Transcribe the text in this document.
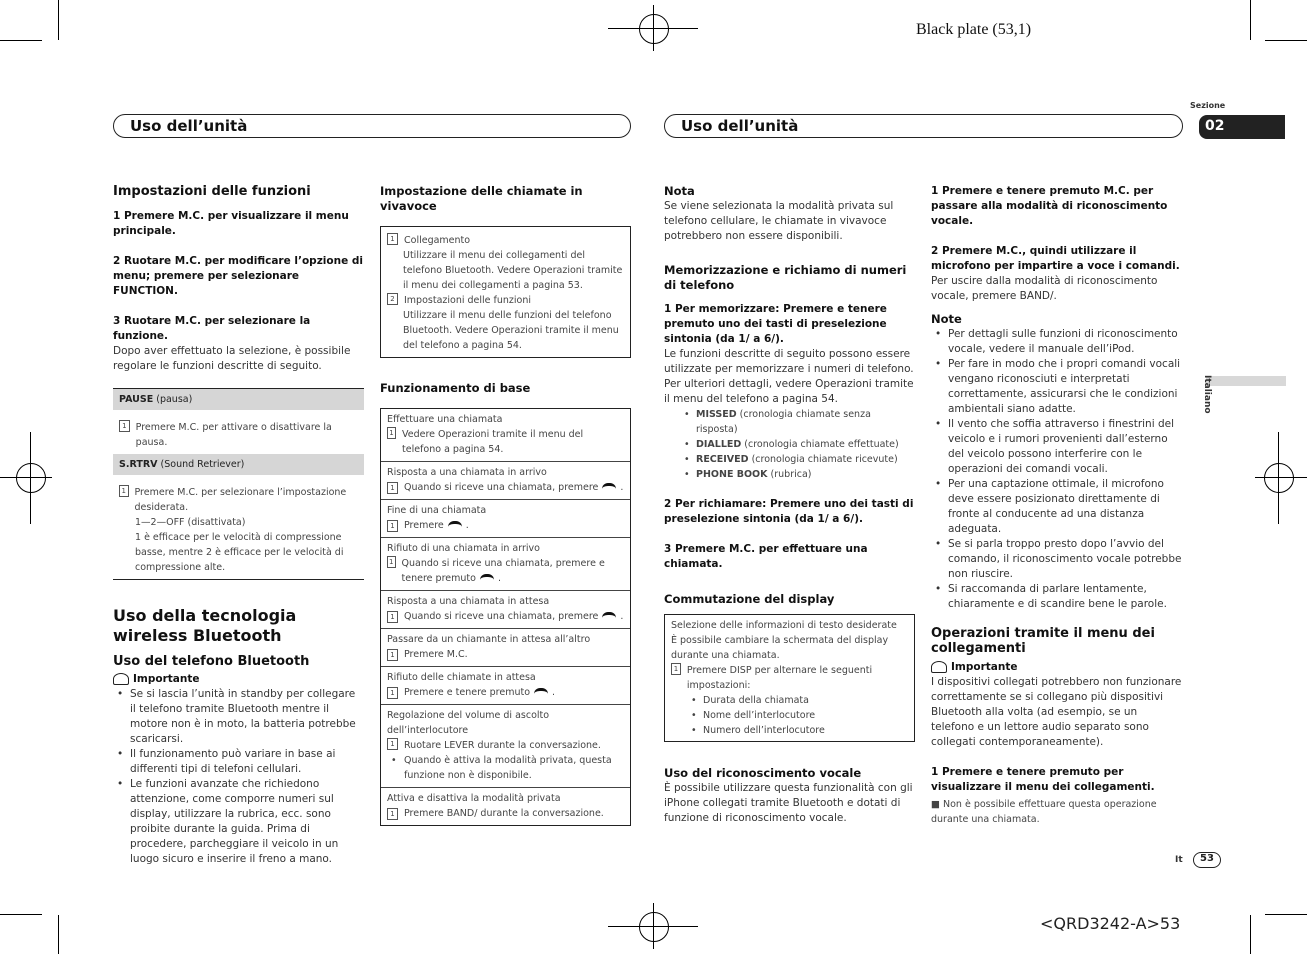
Black plate (53,1)
Sezione
02
Uso dell’unità	Uso dell’unità
Italiano

Impostazioni delle funzioni

1 Premere M.C. per visualizzare il menu principale.

2 Ruotare M.C. per modificare l’opzione di menu; premere per selezionare FUNCTION.

3 Ruotare M.C. per selezionare la funzione.

Dopo aver effettuato la selezione, è possibile regolare le funzioni descritte di seguito.

PAUSE (pausa)
1 Premere M.C. per attivare o disattivare la pausa.
S.RTRV (Sound Retriever)
1 Premere M.C. per selezionare l’impostazione desiderata.
1—2—OFF (disattivata)
1 è efficace per le velocità di compressione basse, mentre 2 è efficace per le velocità di compressione alte.

Uso della tecnologia wireless Bluetooth

Uso del telefono Bluetooth

Importante

• Se si lascia l’unità in standby per collegare il telefono tramite Bluetooth mentre il motore non è in moto, la batteria potrebbe scaricarsi.
• Il funzionamento può variare in base ai differenti tipi di telefoni cellulari.
• Le funzioni avanzate che richiedono attenzione, come comporre numeri sul display, utilizzare la rubrica, ecc. sono proibite durante la guida. Prima di procedere, parcheggiare il veicolo in un luogo sicuro e inserire il freno a mano.

Impostazione delle chiamate in vivavoce

1 Collegamento
Utilizzare il menu dei collegamenti del telefono Bluetooth. Vedere Operazioni tramite il menu dei collegamenti a pagina 53.
2 Impostazioni delle funzioni
Utilizzare il menu delle funzioni del telefono Bluetooth. Vedere Operazioni tramite il menu del telefono a pagina 54.

Funzionamento di base

Effettuare una chiamata
1 Vedere Operazioni tramite il menu del telefono a pagina 54.
Risposta a una chiamata in arrivo
1 Quando si riceve una chiamata, premere .
Fine di una chiamata
1 Premere .
Rifiuto di una chiamata in arrivo
1 Quando si riceve una chiamata, premere e tenere premuto .
Risposta a una chiamata in attesa
1 Quando si riceve una chiamata, premere .
Passare da un chiamante in attesa all’altro
1 Premere M.C.
Rifiuto delle chiamate in attesa
1 Premere e tenere premuto .
Regolazione del volume di ascolto dell’interlocutore
1 Ruotare LEVER durante la conversazione.
• Quando è attiva la modalità privata, questa funzione non è disponibile.
Attiva e disattiva la modalità privata
1 Premere BAND/ durante la conversazione.

Nota

Se viene selezionata la modalità privata sul telefono cellulare, le chiamate in vivavoce potrebbero non essere disponibili.

Memorizzazione e richiamo di numeri di telefono

1 Per memorizzare: Premere e tenere premuto uno dei tasti di preselezione sintonia (da 1/ a 6/).

Le funzioni descritte di seguito possono essere utilizzate per memorizzare i numeri di telefono. Per ulteriori dettagli, vedere Operazioni tramite il menu del telefono a pagina 54.

• MISSED (cronologia chiamate senza risposta)
• DIALLED (cronologia chiamate effettuate)
• RECEIVED (cronologia chiamate ricevute)
• PHONE BOOK (rubrica)

2 Per richiamare: Premere uno dei tasti di preselezione sintonia (da 1/ a 6/).

3 Premere M.C. per effettuare una chiamata.

Commutazione del display

Selezione delle informazioni di testo desiderate
È possibile cambiare la schermata del display durante una chiamata.
1 Premere DISP per alternare le seguenti impostazioni:
• Durata della chiamata
• Nome dell’interlocutore
• Numero dell’interlocutore

Uso del riconoscimento vocale

È possibile utilizzare questa funzionalità con gli iPhone collegati tramite Bluetooth e dotati di funzione di riconoscimento vocale.

1 Premere e tenere premuto M.C. per passare alla modalità di riconoscimento vocale.

2 Premere M.C., quindi utilizzare il microfono per impartire a voce i comandi.

Per uscire dalla modalità di riconoscimento vocale, premere BAND/.

Note

• Per dettagli sulle funzioni di riconoscimento vocale, vedere il manuale dell’iPod.
• Per fare in modo che i propri comandi vocali vengano riconosciuti e interpretati correttamente, assicurarsi che le condizioni ambientali siano adatte.
• Il vento che soffia attraverso i finestrini del veicolo e i rumori provenienti dall’esterno del veicolo possono interferire con le operazioni dei comandi vocali.
• Per una captazione ottimale, il microfono deve essere posizionato direttamente di fronte al conducente ad una distanza adeguata.
• Se si parla troppo presto dopo l’avvio del comando, il riconoscimento vocale potrebbe non riuscire.
• Si raccomanda di parlare lentamente, chiaramente e di scandire bene le parole.

Operazioni tramite il menu dei collegamenti

Importante

I dispositivi collegati potrebbero non funzionare correttamente se si collegano più dispositivi Bluetooth alla volta (ad esempio, se un telefono e un lettore audio separato sono collegati contemporaneamente).

1 Premere e tenere premuto per visualizzare il menu dei collegamenti.

■ Non è possibile effettuare questa operazione durante una chiamata.

It 53
<QRD3242-A>53
